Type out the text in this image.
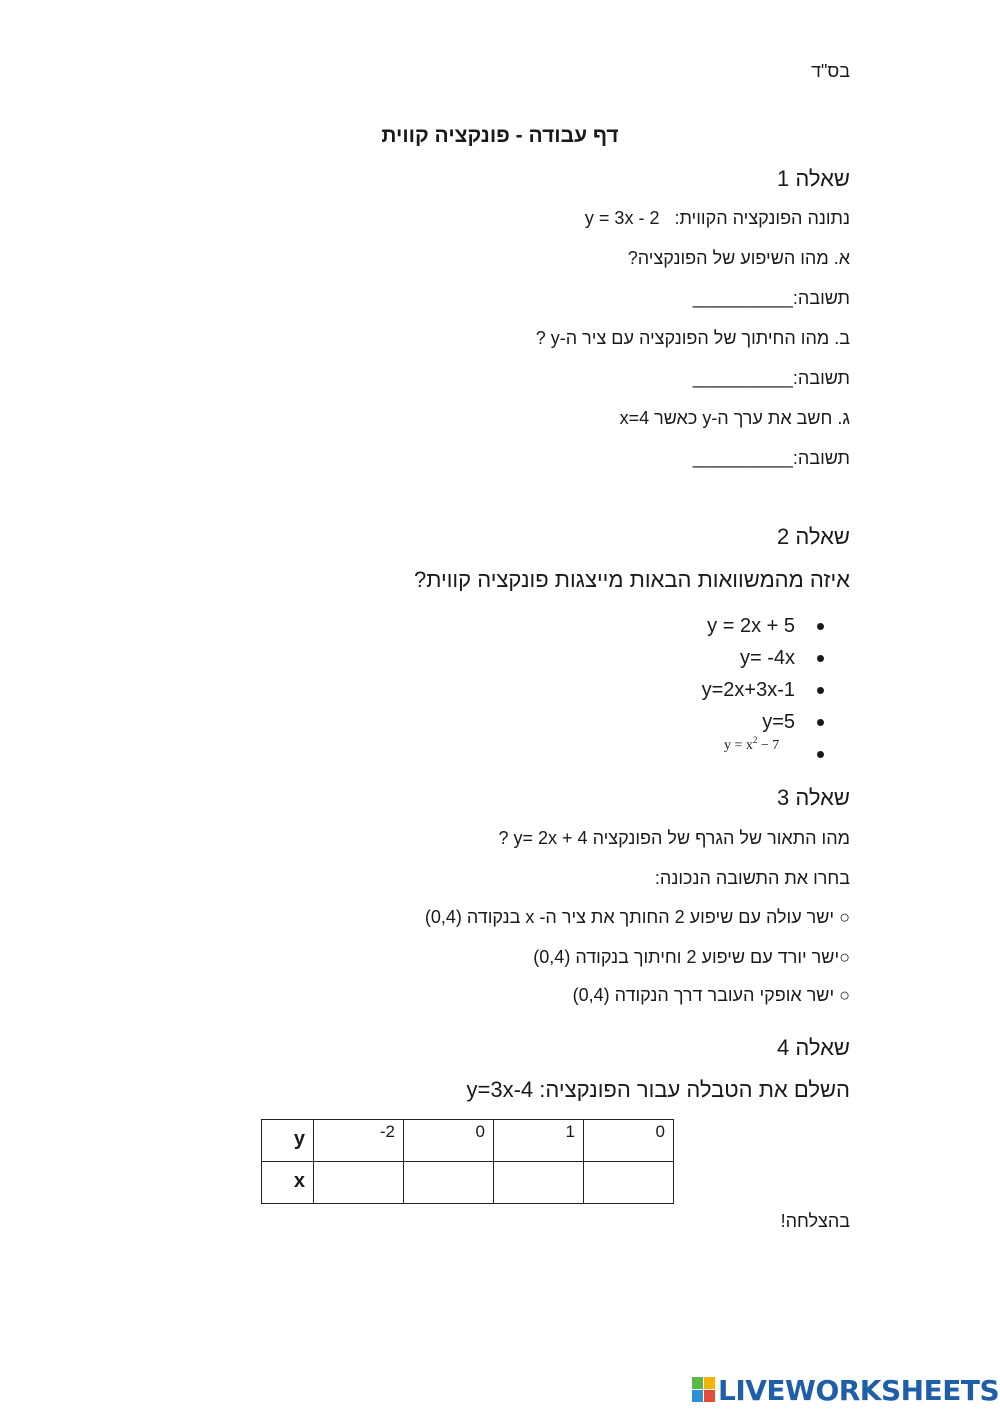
בס"ד
דף עבודה - פונקציה קווית
שאלה 1
נתונה הפונקציה הקווית:   y = 3x - 2
א. מהו השיפוע של הפונקציה?
תשובה:__________
ב. מהו החיתוך של הפונקציה עם ציר ה-y ?
תשובה:__________
ג. חשב את ערך ה-y כאשר x=4
תשובה:__________
שאלה 2
איזה מהמשוואות הבאות מייצגות פונקציה קווית?
y = 2x + 5
y= -4x
y=2x+3x-1
y=5
$y = x^2 - 7$
שאלה 3
מהו התאור של הגרף של הפונקציה y= 2x + 4 ?
בחרו את התשובה הנכונה:
○ ישר עולה עם שיפוע 2 החותך את ציר ה- x בנקודה (0,4)
○ישר יורד עם שיפוע 2 וחיתוך בנקודה (0,4)
○ ישר אופקי העובר דרך הנקודה (0,4)
שאלה 4
השלם את הטבלה עבור הפונקציה: y=3x-4
y	-2	0	1	0
x				
בהצלחה!
LIVEWORKSHEETS
